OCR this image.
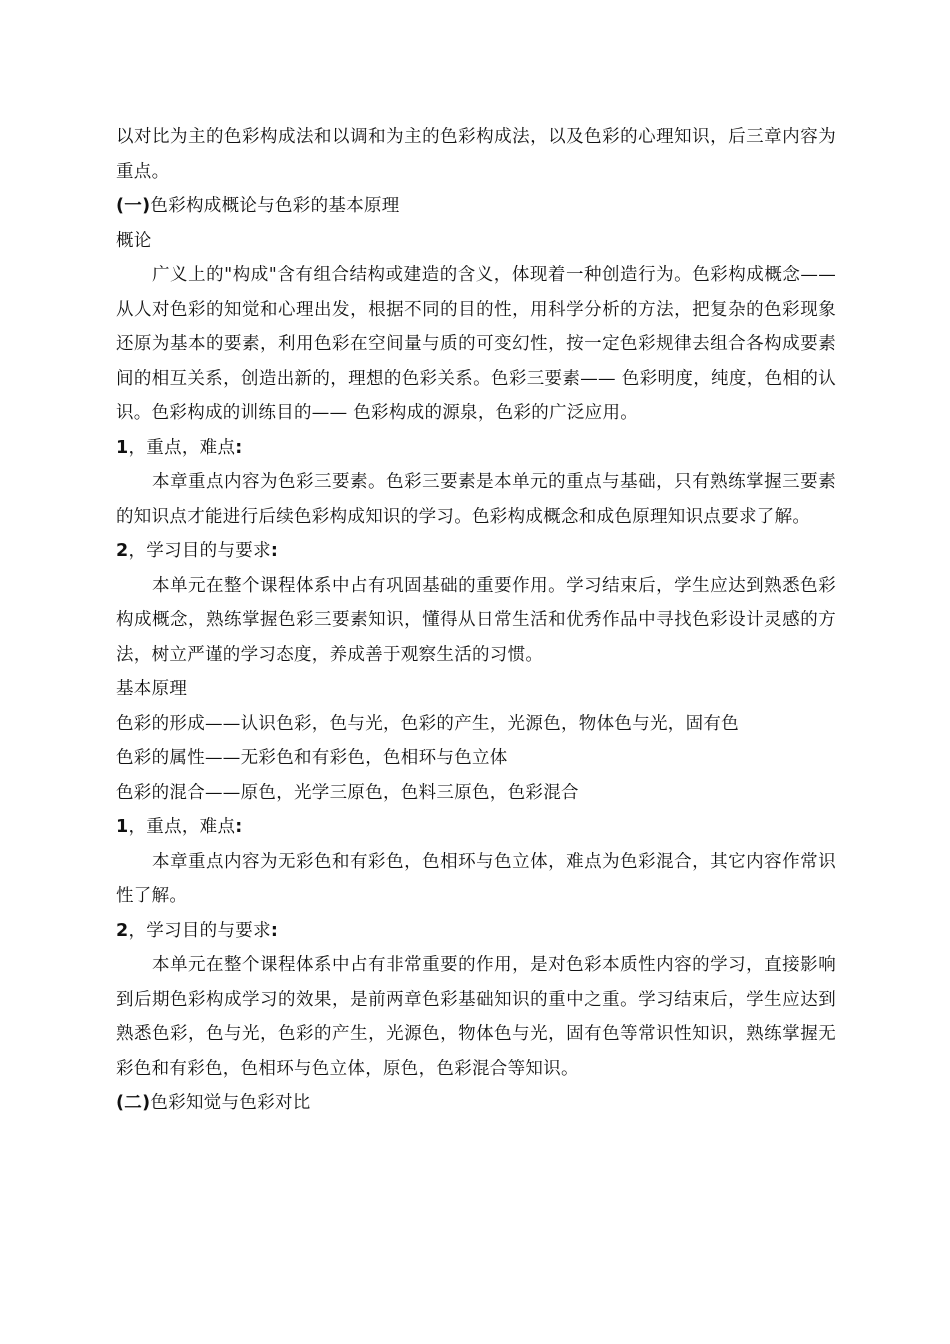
以对比为主的色彩构成法和以调和为主的色彩构成法，以及色彩的心理知识，后三章内容为重点。

(一)色彩构成概论与色彩的基本原理

概论

广义上的"构成"含有组合结构或建造的含义，体现着一种创造行为。色彩构成概念—— 从人对色彩的知觉和心理出发，根据不同的目的性，用科学分析的方法，把复杂的色彩现象还原为基本的要素，利用色彩在空间量与质的可变幻性，按一定色彩规律去组合各构成要素间的相互关系，创造出新的，理想的色彩关系。色彩三要素—— 色彩明度，纯度，色相的认识。色彩构成的训练目的—— 色彩构成的源泉，色彩的广泛应用。

1，重点，难点:

本章重点内容为色彩三要素。色彩三要素是本单元的重点与基础，只有熟练掌握三要素的知识点才能进行后续色彩构成知识的学习。色彩构成概念和成色原理知识点要求了解。

2，学习目的与要求:

本单元在整个课程体系中占有巩固基础的重要作用。学习结束后，学生应达到熟悉色彩构成概念，熟练掌握色彩三要素知识，懂得从日常生活和优秀作品中寻找色彩设计灵感的方法，树立严谨的学习态度，养成善于观察生活的习惯。

基本原理

色彩的形成——认识色彩，色与光，色彩的产生，光源色，物体色与光，固有色

色彩的属性——无彩色和有彩色，色相环与色立体

色彩的混合——原色，光学三原色，色料三原色，色彩混合

1，重点，难点:

本章重点内容为无彩色和有彩色，色相环与色立体，难点为色彩混合，其它内容作常识性了解。

2，学习目的与要求:

本单元在整个课程体系中占有非常重要的作用，是对色彩本质性内容的学习，直接影响到后期色彩构成学习的效果，是前两章色彩基础知识的重中之重。学习结束后，学生应达到熟悉色彩，色与光，色彩的产生，光源色，物体色与光，固有色等常识性知识，熟练掌握无彩色和有彩色，色相环与色立体，原色，色彩混合等知识。

(二)色彩知觉与色彩对比
